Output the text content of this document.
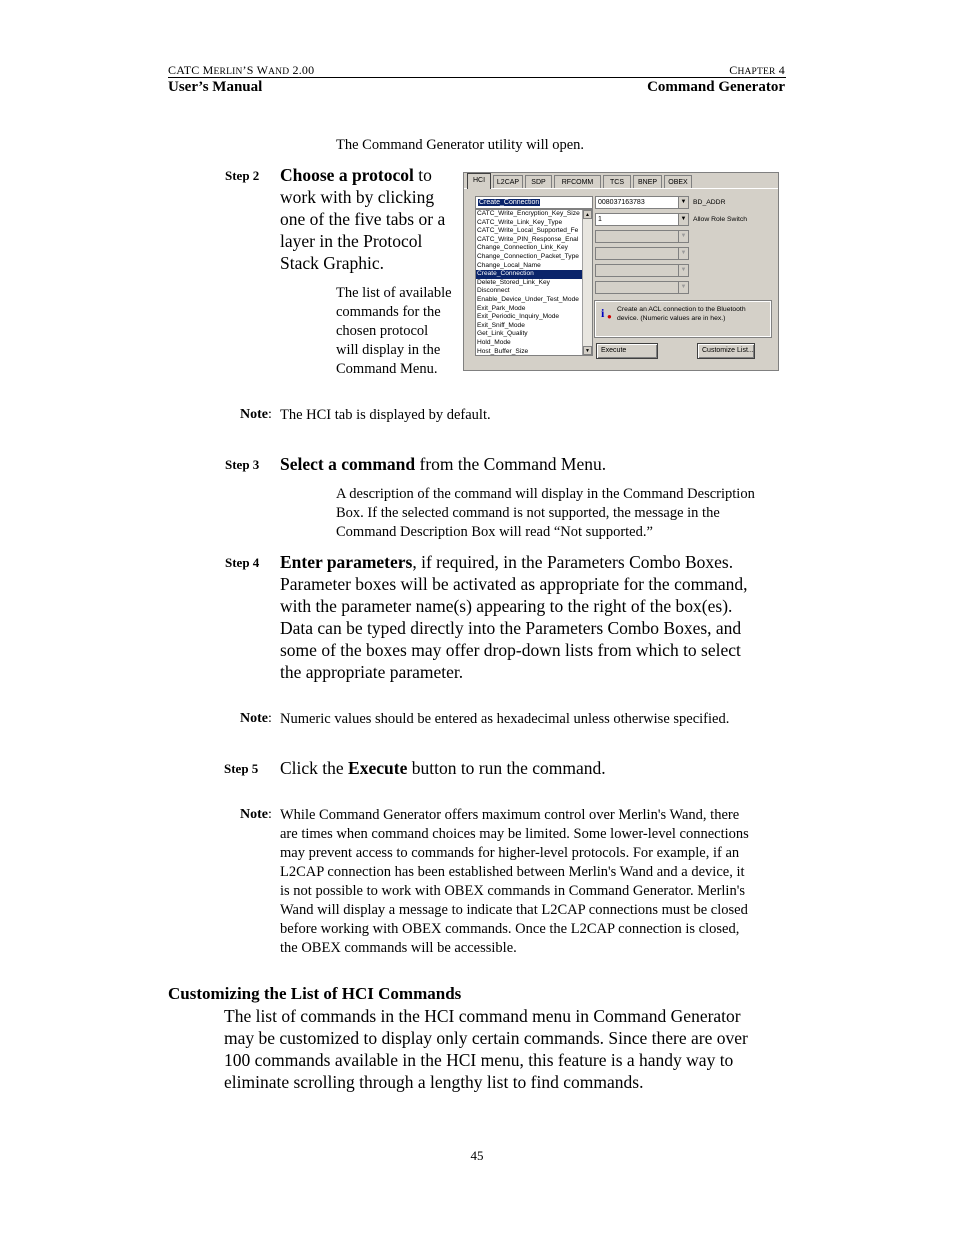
CATC MERLIN’S WAND 2.00	CHAPTER 4
User’s Manual	Command Generator
The Command Generator utility will open.
Step 2 Choose a protocol to
work with by clicking
one of the five tabs or a
layer in the Protocol
Stack Graphic.
The list of available
commands for the
chosen protocol
will display in the
Command Menu.
HCI	L2CAP	SDP	RFCOMM	TCS	BNEP	OBEX
Create_Connection
CATC_Write_Encryption_Key_Size
CATC_Write_Link_Key_Type
CATC_Write_Local_Supported_Fe
CATC_Write_PIN_Response_Enal
Change_Connection_Link_Key
Change_Connection_Packet_Type
Change_Local_Name
Create_Connection
Delete_Stored_Link_Key
Disconnect
Enable_Device_Under_Test_Mode
Exit_Park_Mode
Exit_Periodic_Inquiry_Mode
Exit_Sniff_Mode
Get_Link_Quality
Hold_Mode
Host_Buffer_Size
▲
▼
008037163783	▼ BD_ADDR
1	▼ Allow Role Switch
▼
▼
▼
▼
i ●
Create an ACL connection to the Bluetooth device. (Numeric values are in hex.)
Execute	Customize List...
Note: The HCI tab is displayed by default.
Step 3 Select a command from the Command Menu.
A description of the command will display in the Command Description
Box. If the selected command is not supported, the message in the
Command Description Box will read “Not supported.”
Step 4 Enter parameters, if required, in the Parameters Combo Boxes.
Parameter boxes will be activated as appropriate for the command,
with the parameter name(s) appearing to the right of the box(es).
Data can be typed directly into the Parameters Combo Boxes, and
some of the boxes may offer drop-down lists from which to select
the appropriate parameter.
Note: Numeric values should be entered as hexadecimal unless otherwise specified.
Step 5 Click the Execute button to run the command.
Note: While Command Generator offers maximum control over Merlin's Wand, there
are times when command choices may be limited. Some lower-level connections
may prevent access to commands for higher-level protocols. For example, if an
L2CAP connection has been established between Merlin's Wand and a device, it
is not possible to work with OBEX commands in Command Generator. Merlin's
Wand will display a message to indicate that L2CAP connections must be closed
before working with OBEX commands. Once the L2CAP connection is closed,
the OBEX commands will be accessible.
Customizing the List of HCI Commands
The list of commands in the HCI command menu in Command Generator
may be customized to display only certain commands. Since there are over
100 commands available in the HCI menu, this feature is a handy way to
eliminate scrolling through a lengthy list to find commands.
45
